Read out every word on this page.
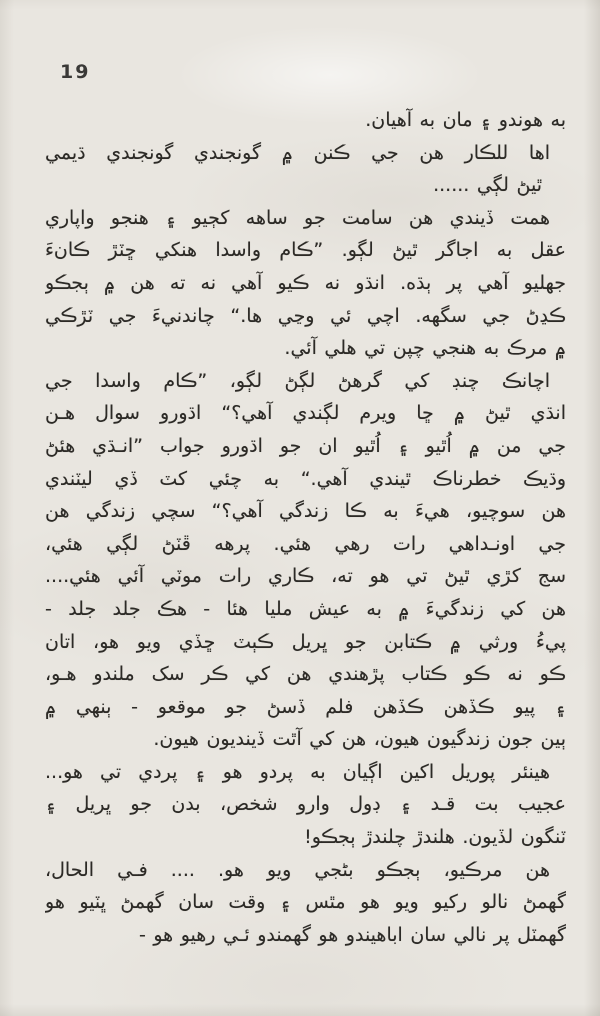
19
به هوندو ۽ مان به آهيان.
اها للڪار هن جي ڪنن ۾ گونجندي گونجندي ڌيمي
ٿيڻ لڳي ......
همت ڏيندي هن سامت جو ساهه کڄيو ۽ هنجو واپاري
عقل به اجاگر ٿيڻ لڳو. ”ڪام واسدا هنکي ڇٽڙ ڪانءَ
جهليو آهي پر ٻڌه. انڌو نه ڪيو آهي نه ته هن ۾ ٻجڪو
ڪڍڻ جي سگهه. اچي ئي وڃي ها.“ چاندنيءَ جي ٽڙڪي
۾ مرڪ به هنجي چپن تي هلي آئي.
اچانڪ چنڊ کي گرهڻ لڳڻ لڳو، ”ڪام واسدا جي
انڌي ٿيڻ ۾ ڇا ويرم لڳندي آهي؟“ اڌورو سوال هـن
جي من ۾ اُٿيو ۽ اُٿيو ان جو اڌورو جواب ”انـڌي هئڻ
وڌيڪ خطرناڪ ٿيندي آهي.“ به چئي کٽ ڏي ليٽندي
هن سوچيو، هيءَ به ڪا زندگي آهي؟“ سچي زندگي هن
جي اونـداهي رات رهي هئي. پرهه ڦٽڻ لڳي هئي،
سج کڙي ٿيڻ تي هو ته، ڪاري رات موٽي آئي هئي....
هن کي زندگيءَ ۾ به عيش مليا هئا - هڪ جلد جلد -
پيءُ ورثي ۾ ڪتابن جو ڀريل ڪٻٽ ڇڏي ويو هو، اتان
ڪو نه ڪو ڪتاب پڙهندي هن کي ڪر سک ملندو هـو،
۽ پيو ڪڏهن ڪڏهن فلم ڏسڻ جو موقعو - ٻنهي ۾
ٻين جون زندگيون هيون، هن کي آٿت ڏينديون هيون.
هينئر پوريل اکين اڳيان به پردو هو ۽ پردي تي هو...
عجيب بت قـد ۽ ڊول وارو شخص، بدن جو ڀريل ۽
ٽنگون لڏيون. هلندڙ چلندڙ ٻجڪو!
هن مرڪيو، ٻجڪو بڻجي ويو هو. .... فـي الحال،
گهمڻ نالو رکيو ويو هو مٿس ۽ وقت سان گهمڻ ڀٽيو هو
گهمٽل پر نالي سان اباهيندو هو گهمندو ئـي رهيو هو -
